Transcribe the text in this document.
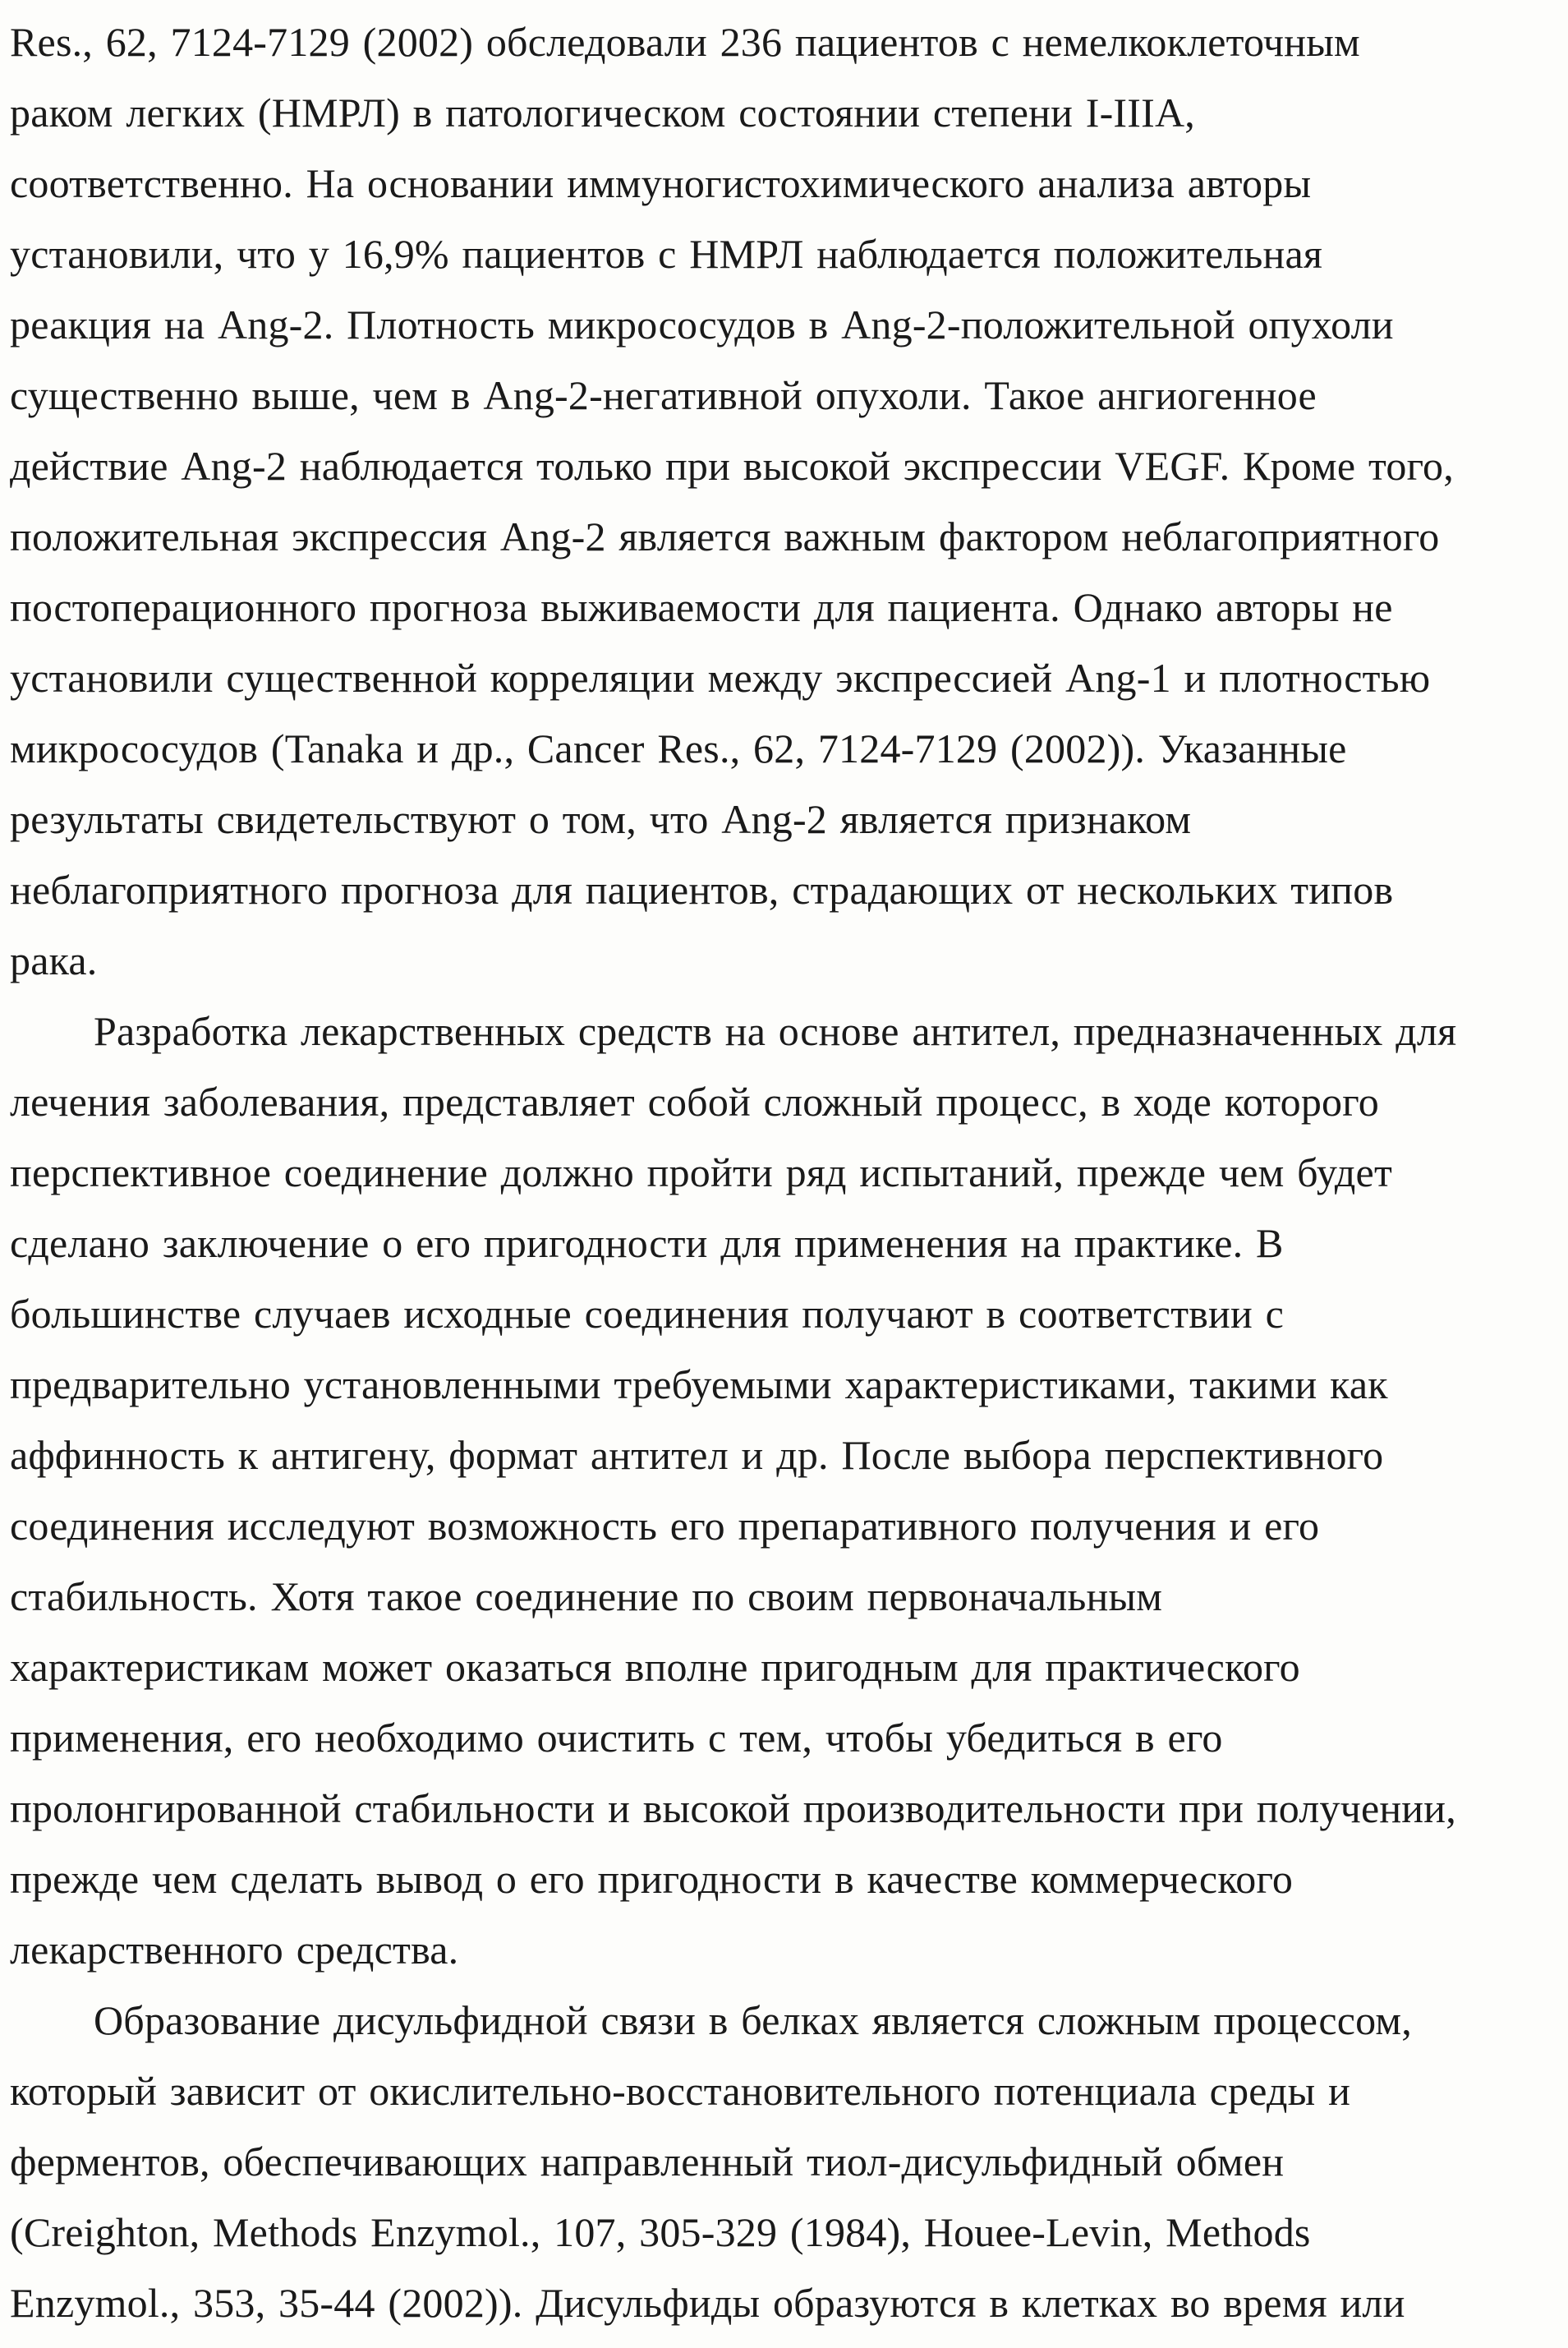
Res., 62, 7124-7129 (2002) обследовали 236 пациентов с немелкоклеточным
раком легких (НМРЛ) в патологическом состоянии степени I-IIIA,
соответственно. На основании иммуногистохимического анализа авторы
установили, что у 16,9% пациентов с НМРЛ наблюдается положительная
реакция на Ang-2. Плотность микрососудов в Ang-2-положительной опухоли
существенно выше, чем в Ang-2-негативной опухоли. Такое ангиогенное
действие Ang-2 наблюдается только при высокой экспрессии VEGF. Кроме того,
положительная экспрессия Ang-2 является важным фактором неблагоприятного
постоперационного прогноза выживаемости для пациента. Однако авторы не
установили существенной корреляции между экспрессией Ang-1 и плотностью
микрососудов (Tanaka и др., Cancer Res., 62, 7124-7129 (2002)). Указанные
результаты свидетельствуют о том, что Ang-2 является признаком
неблагоприятного прогноза для пациентов, страдающих от нескольких типов
рака.
Разработка лекарственных средств на основе антител, предназначенных для
лечения заболевания, представляет собой сложный процесс, в ходе которого
перспективное соединение должно пройти ряд испытаний, прежде чем будет
сделано заключение о его пригодности для применения на практике. В
большинстве случаев исходные соединения получают в соответствии с
предварительно установленными требуемыми характеристиками, такими как
аффинность к антигену, формат антител и др. После выбора перспективного
соединения исследуют возможность его препаративного получения и его
стабильность. Хотя такое соединение по своим первоначальным
характеристикам может оказаться вполне пригодным для практического
применения, его необходимо очистить с тем, чтобы убедиться в его
пролонгированной стабильности и высокой производительности при получении,
прежде чем сделать вывод о его пригодности в качестве коммерческого
лекарственного средства.
Образование дисульфидной связи в белках является сложным процессом,
который зависит от окислительно-восстановительного потенциала среды и
ферментов, обеспечивающих направленный тиол-дисульфидный обмен
(Creighton, Methods Enzymol., 107, 305-329 (1984), Houee-Levin, Methods
Enzymol., 353, 35-44 (2002)). Дисульфиды образуются в клетках во время или
